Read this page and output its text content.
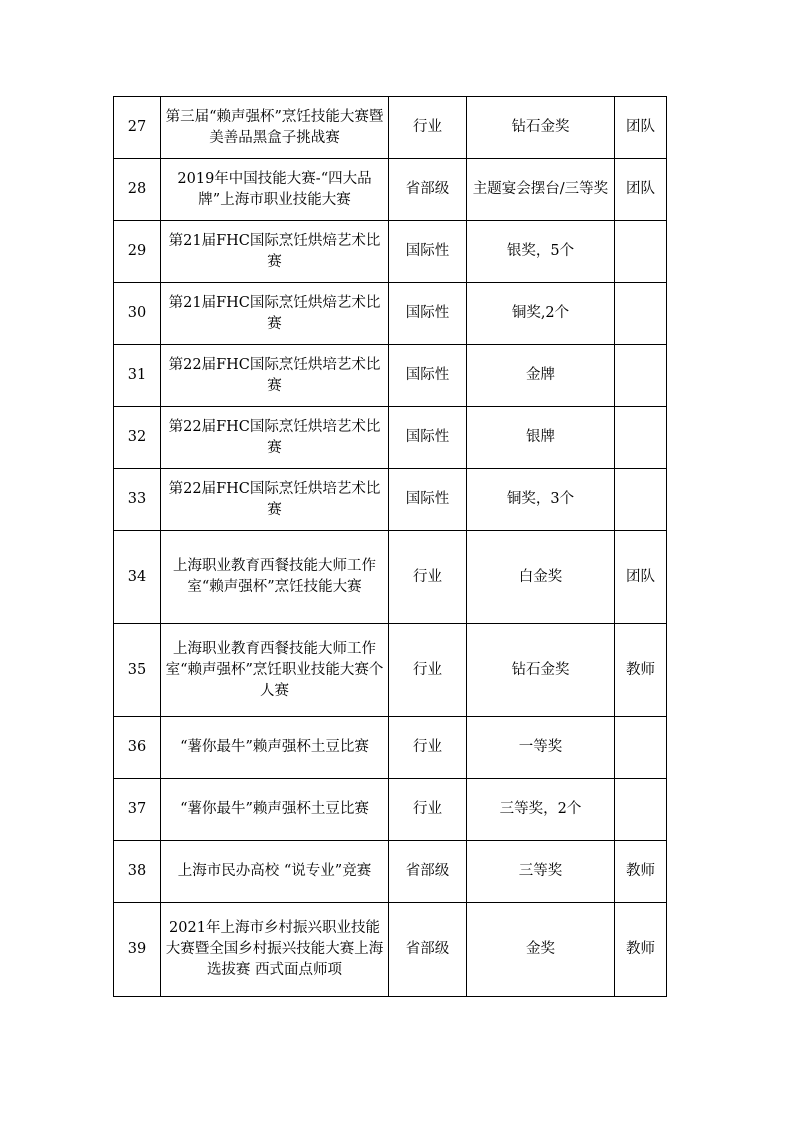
27	第三届“赖声强杯”烹饪技能大赛暨美善品黑盒子挑战赛	行业	钻石金奖	团队
28	2019年中国技能大赛-“四大品牌”上海市职业技能大赛	省部级	主题宴会摆台/三等奖	团队
29	第21届FHC国际烹饪烘焙艺术比赛	国际性	银奖，5个	
30	第21届FHC国际烹饪烘焙艺术比赛	国际性	铜奖,2个	
31	第22届FHC国际烹饪烘培艺术比赛	国际性	金牌	
32	第22届FHC国际烹饪烘培艺术比赛	国际性	银牌	
33	第22届FHC国际烹饪烘培艺术比赛	国际性	铜奖，3个	
34	上海职业教育西餐技能大师工作室“赖声强杯”烹饪技能大赛	行业	白金奖	团队
35	上海职业教育西餐技能大师工作室“赖声强杯”烹饪职业技能大赛个人赛	行业	钻石金奖	教师
36	“薯你最牛”赖声强杯土豆比赛	行业	一等奖	
37	“薯你最牛”赖声强杯土豆比赛	行业	三等奖，2个	
38	上海市民办高校 “说专业”竞赛	省部级	三等奖	教师
39	2021年上海市乡村振兴职业技能大赛暨全国乡村振兴技能大赛上海选拔赛 西式面点师项	省部级	金奖	教师
